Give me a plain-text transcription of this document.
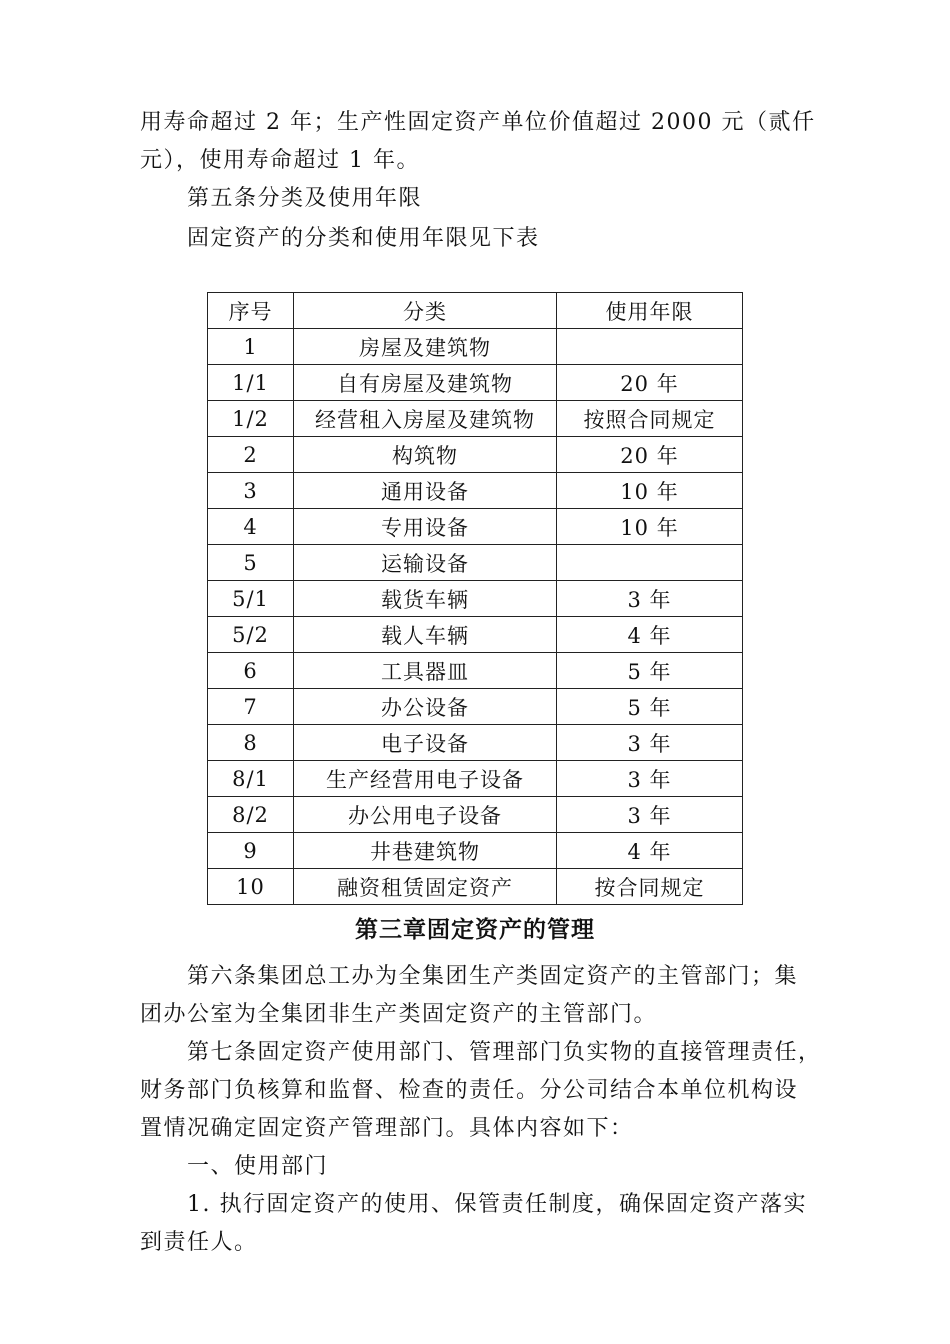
用寿命超过 2 年；生产性固定资产单位价值超过 2000 元（贰仟
元），使用寿命超过 1 年。
第五条分类及使用年限
固定资产的分类和使用年限见下表
序号	分类	使用年限
1	房屋及建筑物	
1/1	自有房屋及建筑物	20 年
1/2	经营租入房屋及建筑物	按照合同规定
2	构筑物	20 年
3	通用设备	10 年
4	专用设备	10 年
5	运输设备	
5/1	载货车辆	3 年
5/2	载人车辆	4 年
6	工具器皿	5 年
7	办公设备	5 年
8	电子设备	3 年
8/1	生产经营用电子设备	3 年
8/2	办公用电子设备	3 年
9	井巷建筑物	4 年
10	融资租赁固定资产	按合同规定
第三章固定资产的管理
第六条集团总工办为全集团生产类固定资产的主管部门；集
团办公室为全集团非生产类固定资产的主管部门。
第七条固定资产使用部门、管理部门负实物的直接管理责任，
财务部门负核算和监督、检查的责任。分公司结合本单位机构设
置情况确定固定资产管理部门。具体内容如下：
一、使用部门
1. 执行固定资产的使用、保管责任制度，确保固定资产落实
到责任人。
